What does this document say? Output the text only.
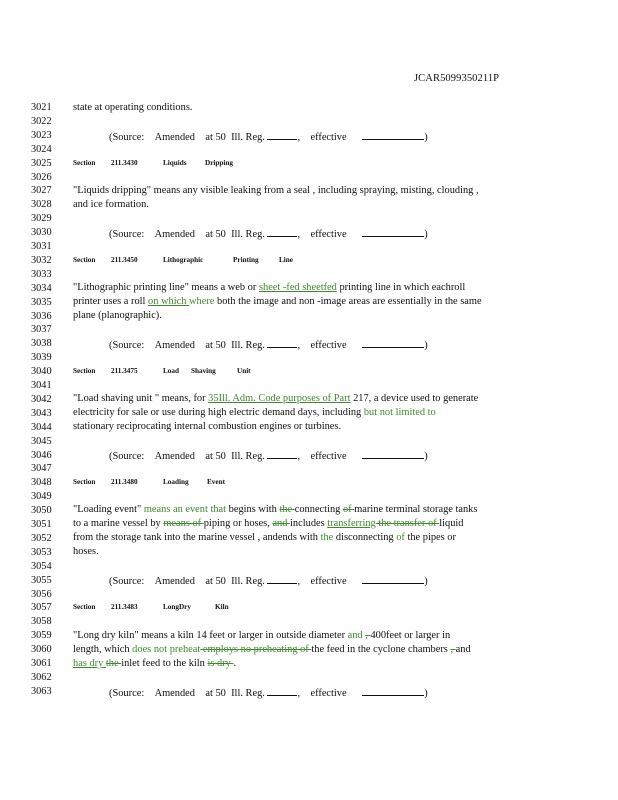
JCAR5099350211P
3021
3022
3023
3024
3025
3026
3027
3028
3029
3030
3031
3032
3033
3034
3035
3036
3037
3038
3039
3040
3041
3042
3043
3044
3045
3046
3047
3048
3049
3050
3051
3052
3053
3054
3055
3056
3057
3058
3059
3060
3061
3062
3063
state at operating conditions.
(Source: Amended at 50 Ill. Reg.	,    effective	)
Section 211.3430	Liquids	Dripping
"Liquids dripping" means any visible leaking from a seal , including spraying, misting, clouding ,
and ice formation.
(Source: Amended at 50 Ill. Reg.	,    effective	)
Section 211.3450	Lithographic	Printing	Line
"Lithographic printing line" means a web or sheet -fed sheetfed printing line in which eachroll
printer uses a roll on which where both the image and non -image areas are essentially in the same
plane (planographic).
(Source: Amended at 50 Ill. Reg.	,    effective	)
Section 211.3475	Load Shaving	Unit
"Load shaving unit " means, for 35Ill. Adm. Code purposes of Part 217, a device used to generate
electricity for sale or use during high electric demand days, including but not limited to
stationary reciprocating internal combustion engines or turbines.
(Source: Amended at 50 Ill. Reg.	,    effective	)
Section 211.3480	Loading	Event
"Loading event" means an event that begins with the connecting of marine terminal storage tanks
to a marine vessel by means of piping or hoses, and includes transferring the transfer of liquid
from the storage tank into the marine vessel , andends with the disconnecting of the pipes or
hoses.
(Source: Amended at 50 Ill. Reg.	,    effective	)
Section 211.3483	LongDry	Kiln
"Long dry kiln" means a kiln 14 feet or larger in outside diameter and , 400feet or larger in
length, which does not preheat employs no preheating of the feed in the cyclone chambers , and
has dry the inlet feed to the kiln is dry .
(Source: Amended at 50 Ill. Reg.	,    effective	)
